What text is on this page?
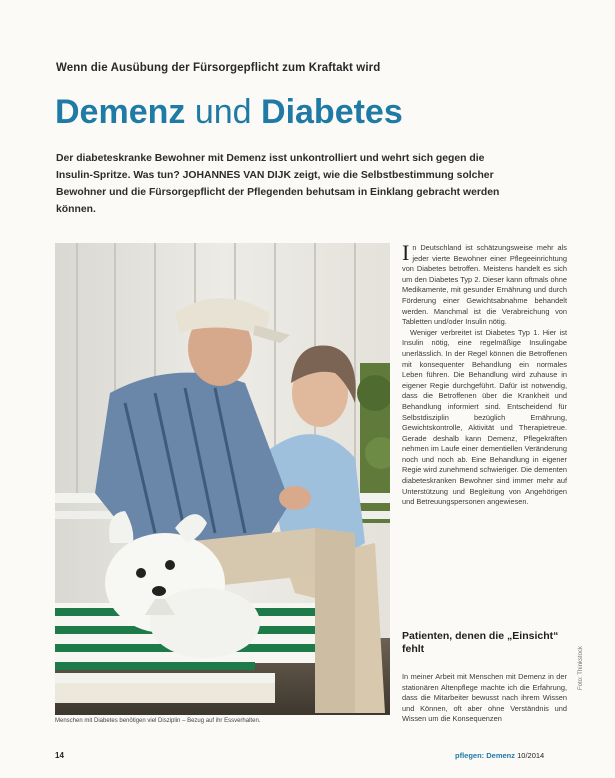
Wenn die Ausübung der Fürsorgepflicht zum Kraftakt wird
Demenz und Diabetes
Der diabeteskranke Bewohner mit Demenz isst unkontrolliert und wehrt sich gegen die Insulin-Spritze. Was tun? JOHANNES VAN DIJK zeigt, wie die Selbstbestimmung solcher Bewohner und die Fürsorgepflicht der Pflegenden behutsam in Einklang gebracht werden können.
Menschen mit Diabetes benötigen viel Disziplin – Bezug auf ihr Essverhalten.

In Deutschland ist schätzungsweise mehr als jeder vierte Bewohner einer Pflegeeinrichtung von Diabetes betroffen. Meistens handelt es sich um den Diabetes Typ 2. Dieser kann oftmals ohne Medikamente, mit gesunder Ernährung und durch Förderung einer Gewichtsabnahme behandelt werden. Manchmal ist die Verabreichung von Tabletten und/oder Insulin nötig.

Weniger verbreitet ist Diabetes Typ 1. Hier ist Insulin nötig, eine regelmäßige Insulingabe unerlässlich. In der Regel können die Betroffenen mit konsequenter Behandlung ein normales Leben führen. Die Behandlung wird zuhause in eigener Regie durchgeführt. Dafür ist notwendig, dass die Betroffenen über die Krankheit und Behandlung informiert sind. Entscheidend für Selbstdisziplin bezüglich Ernährung, Gewichtskontrolle, Aktivität und Therapietreue. Gerade deshalb kann Demenz, Pflegekräften nehmen im Laufe einer dementiellen Veränderung noch und noch ab. Eine Behandlung in eigener Regie wird zunehmend schwieriger. Die dementen diabeteskranken Bewohner sind immer mehr auf Unterstützung und Begleitung von Angehörigen und Betreuungspersonen angewiesen.

Patienten, denen die „Einsicht“ fehlt
In meiner Arbeit mit Menschen mit Demenz in der stationären Altenpflege machte ich die Erfahrung, dass die Mitarbeiter bewusst nach ihrem Wissen und Können, oft aber ohne Verständnis und Wissen um die Konsequenzen
Foto: Thinkstock
14	pflegen: Demenz 10/2014
